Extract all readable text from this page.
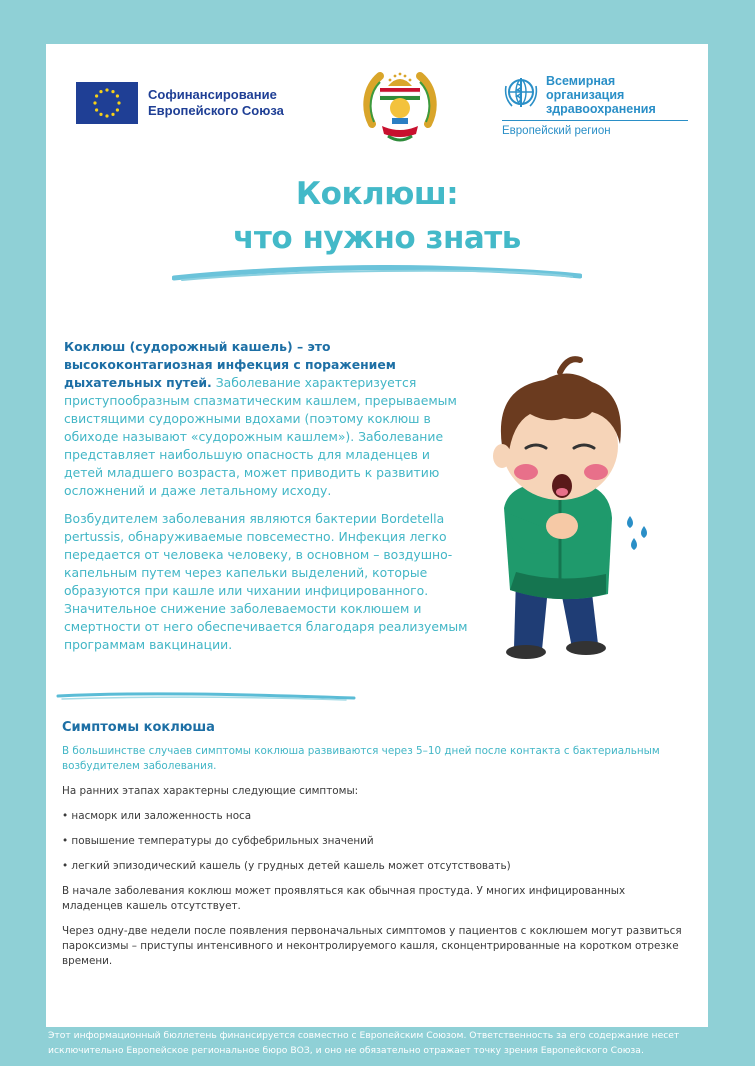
Софинансирование
Европейского Союза
Всемирная организация
здравоохранения
Европейский регион
Коклюш:
что нужно знать

Коклюш (судорожный кашель) – это высококонтагиозная инфекция с поражением дыхательных путей. Заболевание характеризуется приступообразным спазматическим кашлем, прерываемым свистящими судорожными вдохами (поэтому коклюш в обиходе называют «судорожным кашлем»). Заболевание представляет наибольшую опасность для младенцев и детей младшего возраста, может приводить к развитию осложнений и даже летальному исходу.

Возбудителем заболевания являются бактерии Bordetella pertussis, обнаруживаемые повсеместно. Инфекция легко передается от человека человеку, в основном – воздушно-капельным путем через капельки выделений, которые образуются при кашле или чихании инфицированного. Значительное снижение заболеваемости коклюшем и смертности от него обеспечивается благодаря реализуемым программам вакцинации.

Симптомы коклюша
В большинстве случаев симптомы коклюша развиваются через 5–10 дней после контакта с бактериальным возбудителем заболевания.

На ранних этапах характерны следующие симптомы:

• насморк или заложенность носа

• повышение температуры до субфебрильных значений

• легкий эпизодический кашель (у грудных детей кашель может отсутствовать)

В начале заболевания коклюш может проявляться как обычная простуда. У многих инфицированных младенцев кашель отсутствует.

Через одну-две недели после появления первоначальных симптомов у пациентов с коклюшем могут развиться пароксизмы – приступы интенсивного и неконтролируемого кашля, сконцентрированные на коротком отрезке времени.

Этот информационный бюллетень финансируется совместно с Европейским Союзом. Ответственность за его содержание несет исключительно Европейское региональное бюро ВОЗ, и оно не обязательно отражает точку зрения Европейского Союза.
